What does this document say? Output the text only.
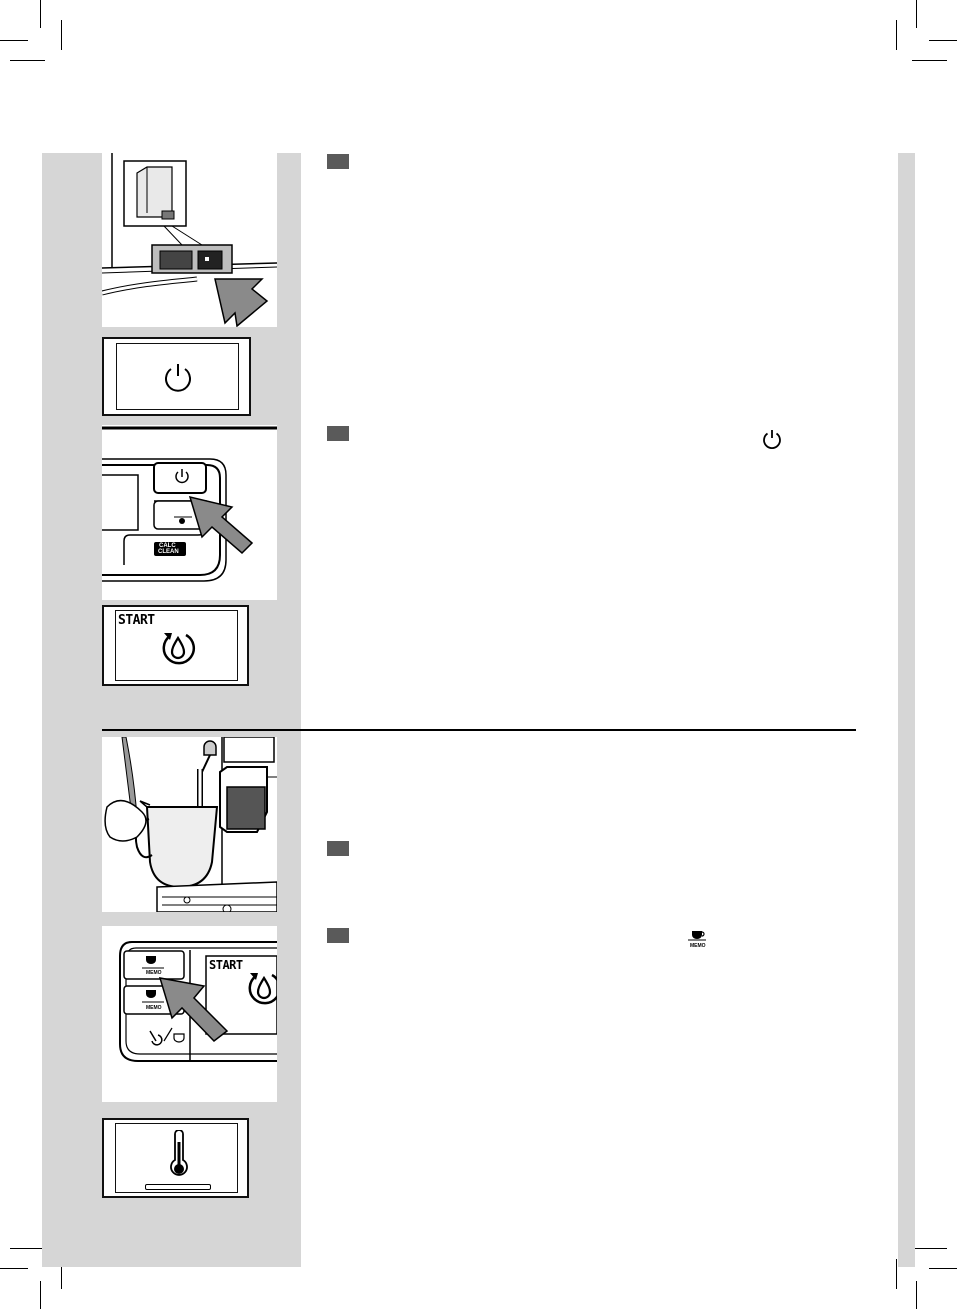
MEMO
CALC
CLEAN
START
MEMO
MEMO
START
